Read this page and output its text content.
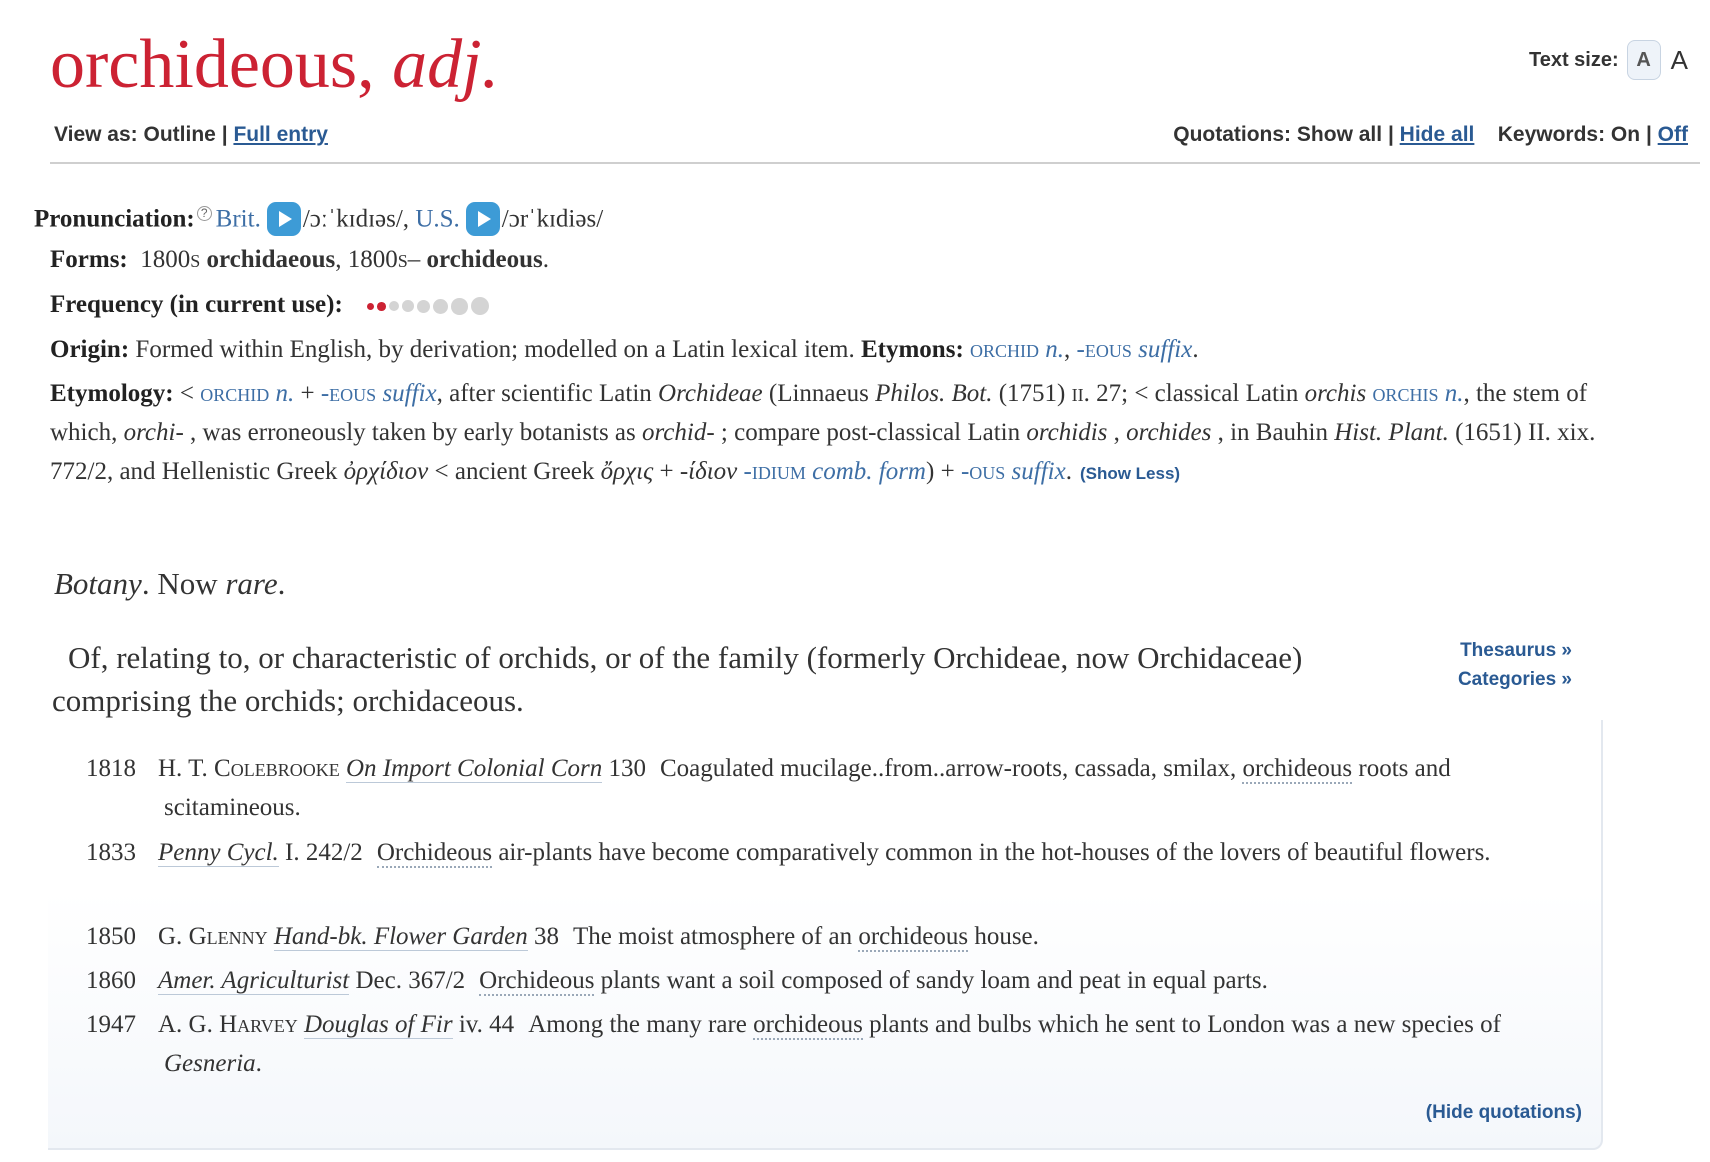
orchideous, adj.	Text size: A A
View as: Outline | Full entry	Quotations: Show all | Hide all Keywords: On | Off
Pronunciation: ? Brit. /ɔːˈkɪdɪəs/, U.S. /ɔrˈkɪdiəs/
Forms: 1800s orchidaeous, 1800s– orchideous.
Frequency (in current use):
Origin: Formed within English, by derivation; modelled on a Latin lexical item. Etymons: orchid n., -eous suffix.
Etymology: < orchid n. + -eous suffix, after scientific Latin Orchideae (Linnaeus Philos. Bot. (1751) ii. 27; < classical Latin orchis orchis n., the stem of which, orchi- , was erroneously taken by early botanists as orchid- ; compare post-classical Latin orchidis , orchides , in Bauhin Hist. Plant. (1651) II. xix. 772/2, and Hellenistic Greek ὀρχίδιον < ancient Greek ὄρχις + -ίδιον -idium comb. form) + -ous suffix. (Show Less)
Botany. Now rare.
Of, relating to, or characteristic of orchids, or of the family (formerly Orchideae, now Orchidaceae) comprising the orchids; orchidaceous.
Thesaurus »
Categories »
1818 H. T. Colebrooke On Import Colonial Corn 130 Coagulated mucilage..from..arrow-roots, cassada, smilax, orchideous roots and scitamineous.
1833 Penny Cycl. I. 242/2 Orchideous air-plants have become comparatively common in the hot-houses of the lovers of beautiful flowers.
1850 G. Glenny Hand-bk. Flower Garden 38 The moist atmosphere of an orchideous house.
1860 Amer. Agriculturist Dec. 367/2 Orchideous plants want a soil composed of sandy loam and peat in equal parts.
1947 A. G. Harvey Douglas of Fir iv. 44 Among the many rare orchideous plants and bulbs which he sent to London was a new species of Gesneria.
(Hide quotations)
